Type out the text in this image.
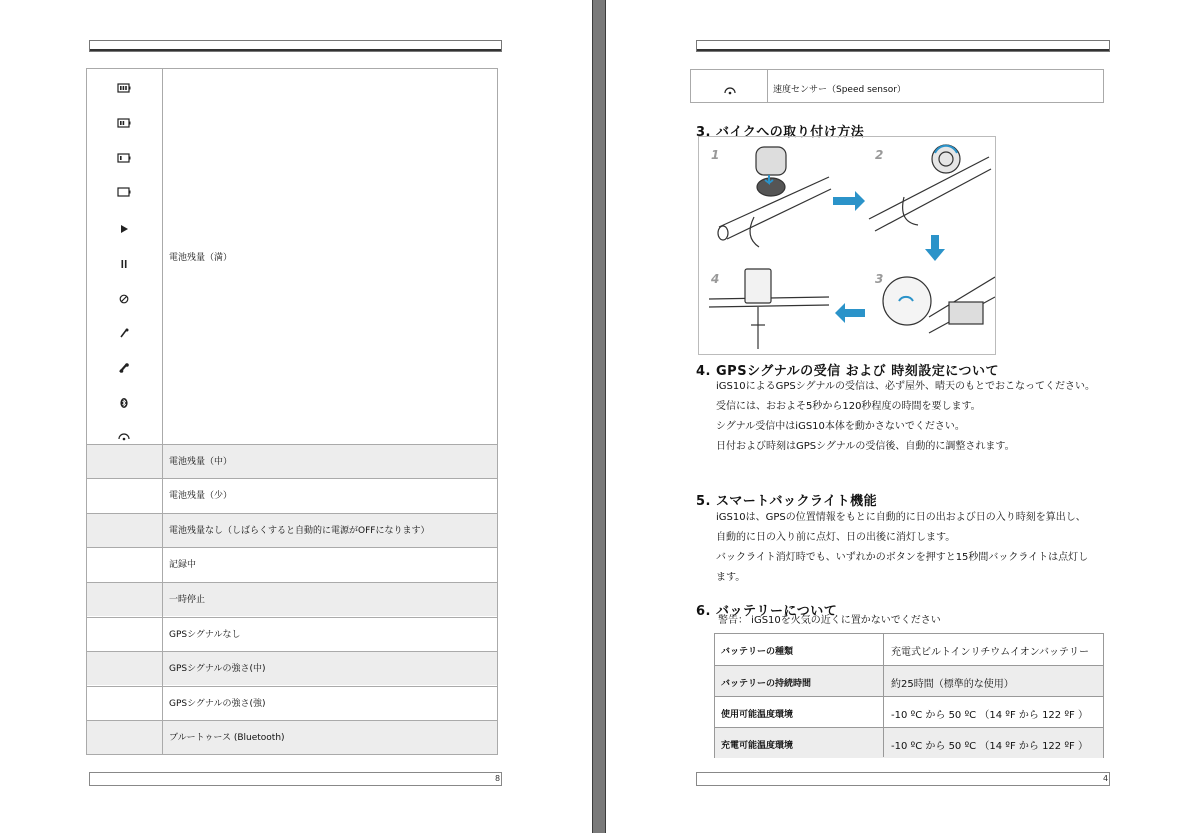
電池残量（満）
電池残量（中）
電池残量（少）
電池残量なし（しばらくすると自動的に電源がOFFになります）
記録中
一時停止
GPSシグナルなし
GPSシグナルの強さ(中)
GPSシグナルの強さ(強)
ブルートゥース (Bluetooth)
8
速度センサー（Speed sensor）
3. バイクへの取り付け方法
1	2
3
4
4. GPSシグナルの受信 および 時刻設定について
iGS10によるGPSシグナルの受信は、必ず屋外、晴天のもとでおこなってください。
受信には、おおよそ5秒から120秒程度の時間を要します。
シグナル受信中はiGS10本体を動かさないでください。
日付および時刻はGPSシグナルの受信後、自動的に調整されます。
5. スマートバックライト機能
iGS10は、GPSの位置情報をもとに自動的に日の出および日の入り時刻を算出し、
自動的に日の入り前に点灯、日の出後に消灯します。
バックライト消灯時でも、いずれかのボタンを押すと15秒間バックライトは点灯し
ます。
6. バッテリーについて
警告： iGS10を火気の近くに置かないでください
バッテリーの種類	充電式ビルトインリチウムイオンバッテリー
バッテリーの持続時間	約25時間（標準的な使用）
使用可能温度環境	-10 ºC から 50 ºC （14 ºF から 122 ºF ）
充電可能温度環境	-10 ºC から 50 ºC （14 ºF から 122 ºF ）
4
